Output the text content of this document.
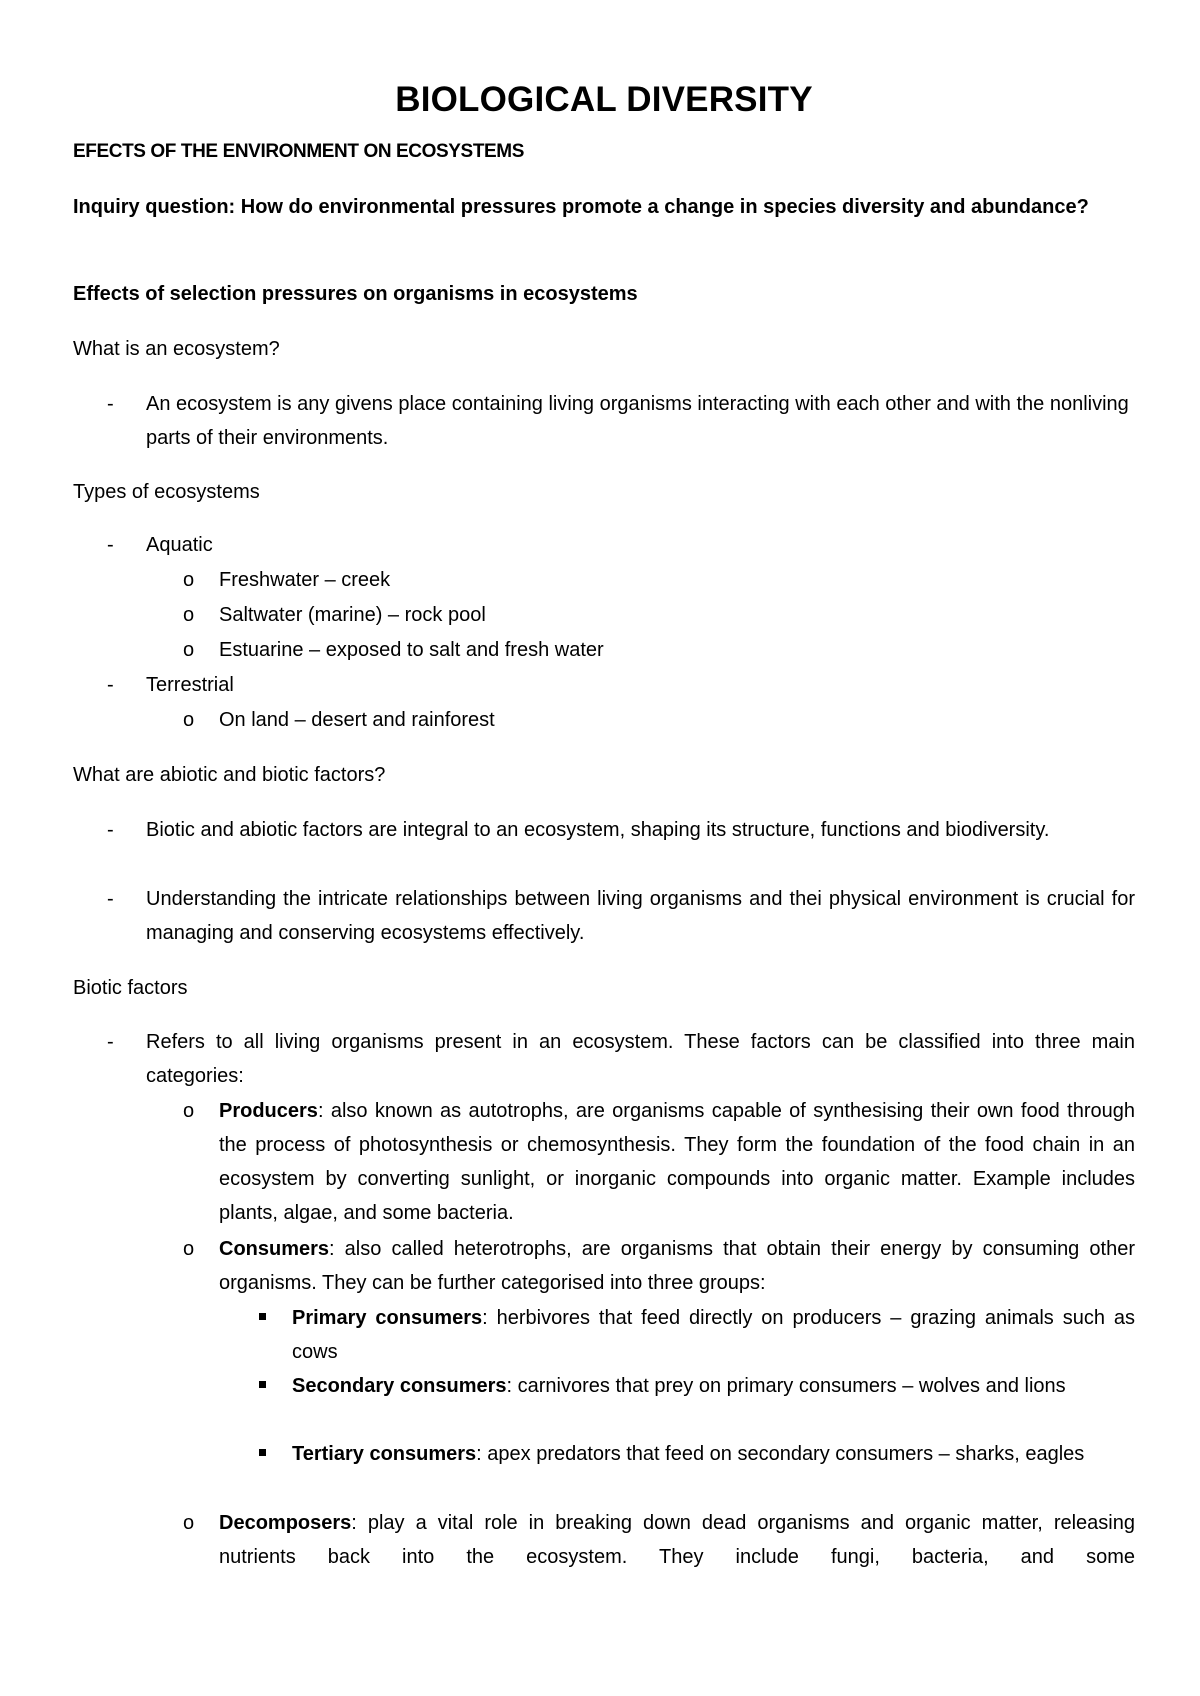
BIOLOGICAL DIVERSITY
EFECTS OF THE ENVIRONMENT ON ECOSYSTEMS
Inquiry question: How do environmental pressures promote a change in species diversity and abundance?
Effects of selection pressures on organisms in ecosystems
What is an ecosystem?
- An ecosystem is any givens place containing living organisms interacting with each other and with the nonliving parts of their environments.
Types of ecosystems
- Aquatic
o Freshwater – creek
o Saltwater (marine) – rock pool
o Estuarine – exposed to salt and fresh water
- Terrestrial
o On land – desert and rainforest
What are abiotic and biotic factors?
- Biotic and abiotic factors are integral to an ecosystem, shaping its structure, functions and biodiversity.
- Understanding the intricate relationships between living organisms and thei physical environment is crucial for managing and conserving ecosystems effectively.
Biotic factors
- Refers to all living organisms present in an ecosystem. These factors can be classified into three main categories:
o Producers: also known as autotrophs, are organisms capable of synthesising their own food through the process of photosynthesis or chemosynthesis. They form the foundation of the food chain in an ecosystem by converting sunlight, or inorganic compounds into organic matter. Example includes plants, algae, and some bacteria.
o Consumers: also called heterotrophs, are organisms that obtain their energy by consuming other organisms. They can be further categorised into three groups:
Primary consumers: herbivores that feed directly on producers – grazing animals such as cows
Secondary consumers: carnivores that prey on primary consumers – wolves and lions
Tertiary consumers: apex predators that feed on secondary consumers – sharks, eagles
o Decomposers: play a vital role in breaking down dead organisms and organic matter, releasing nutrients back into the ecosystem. They include fungi, bacteria, and some
